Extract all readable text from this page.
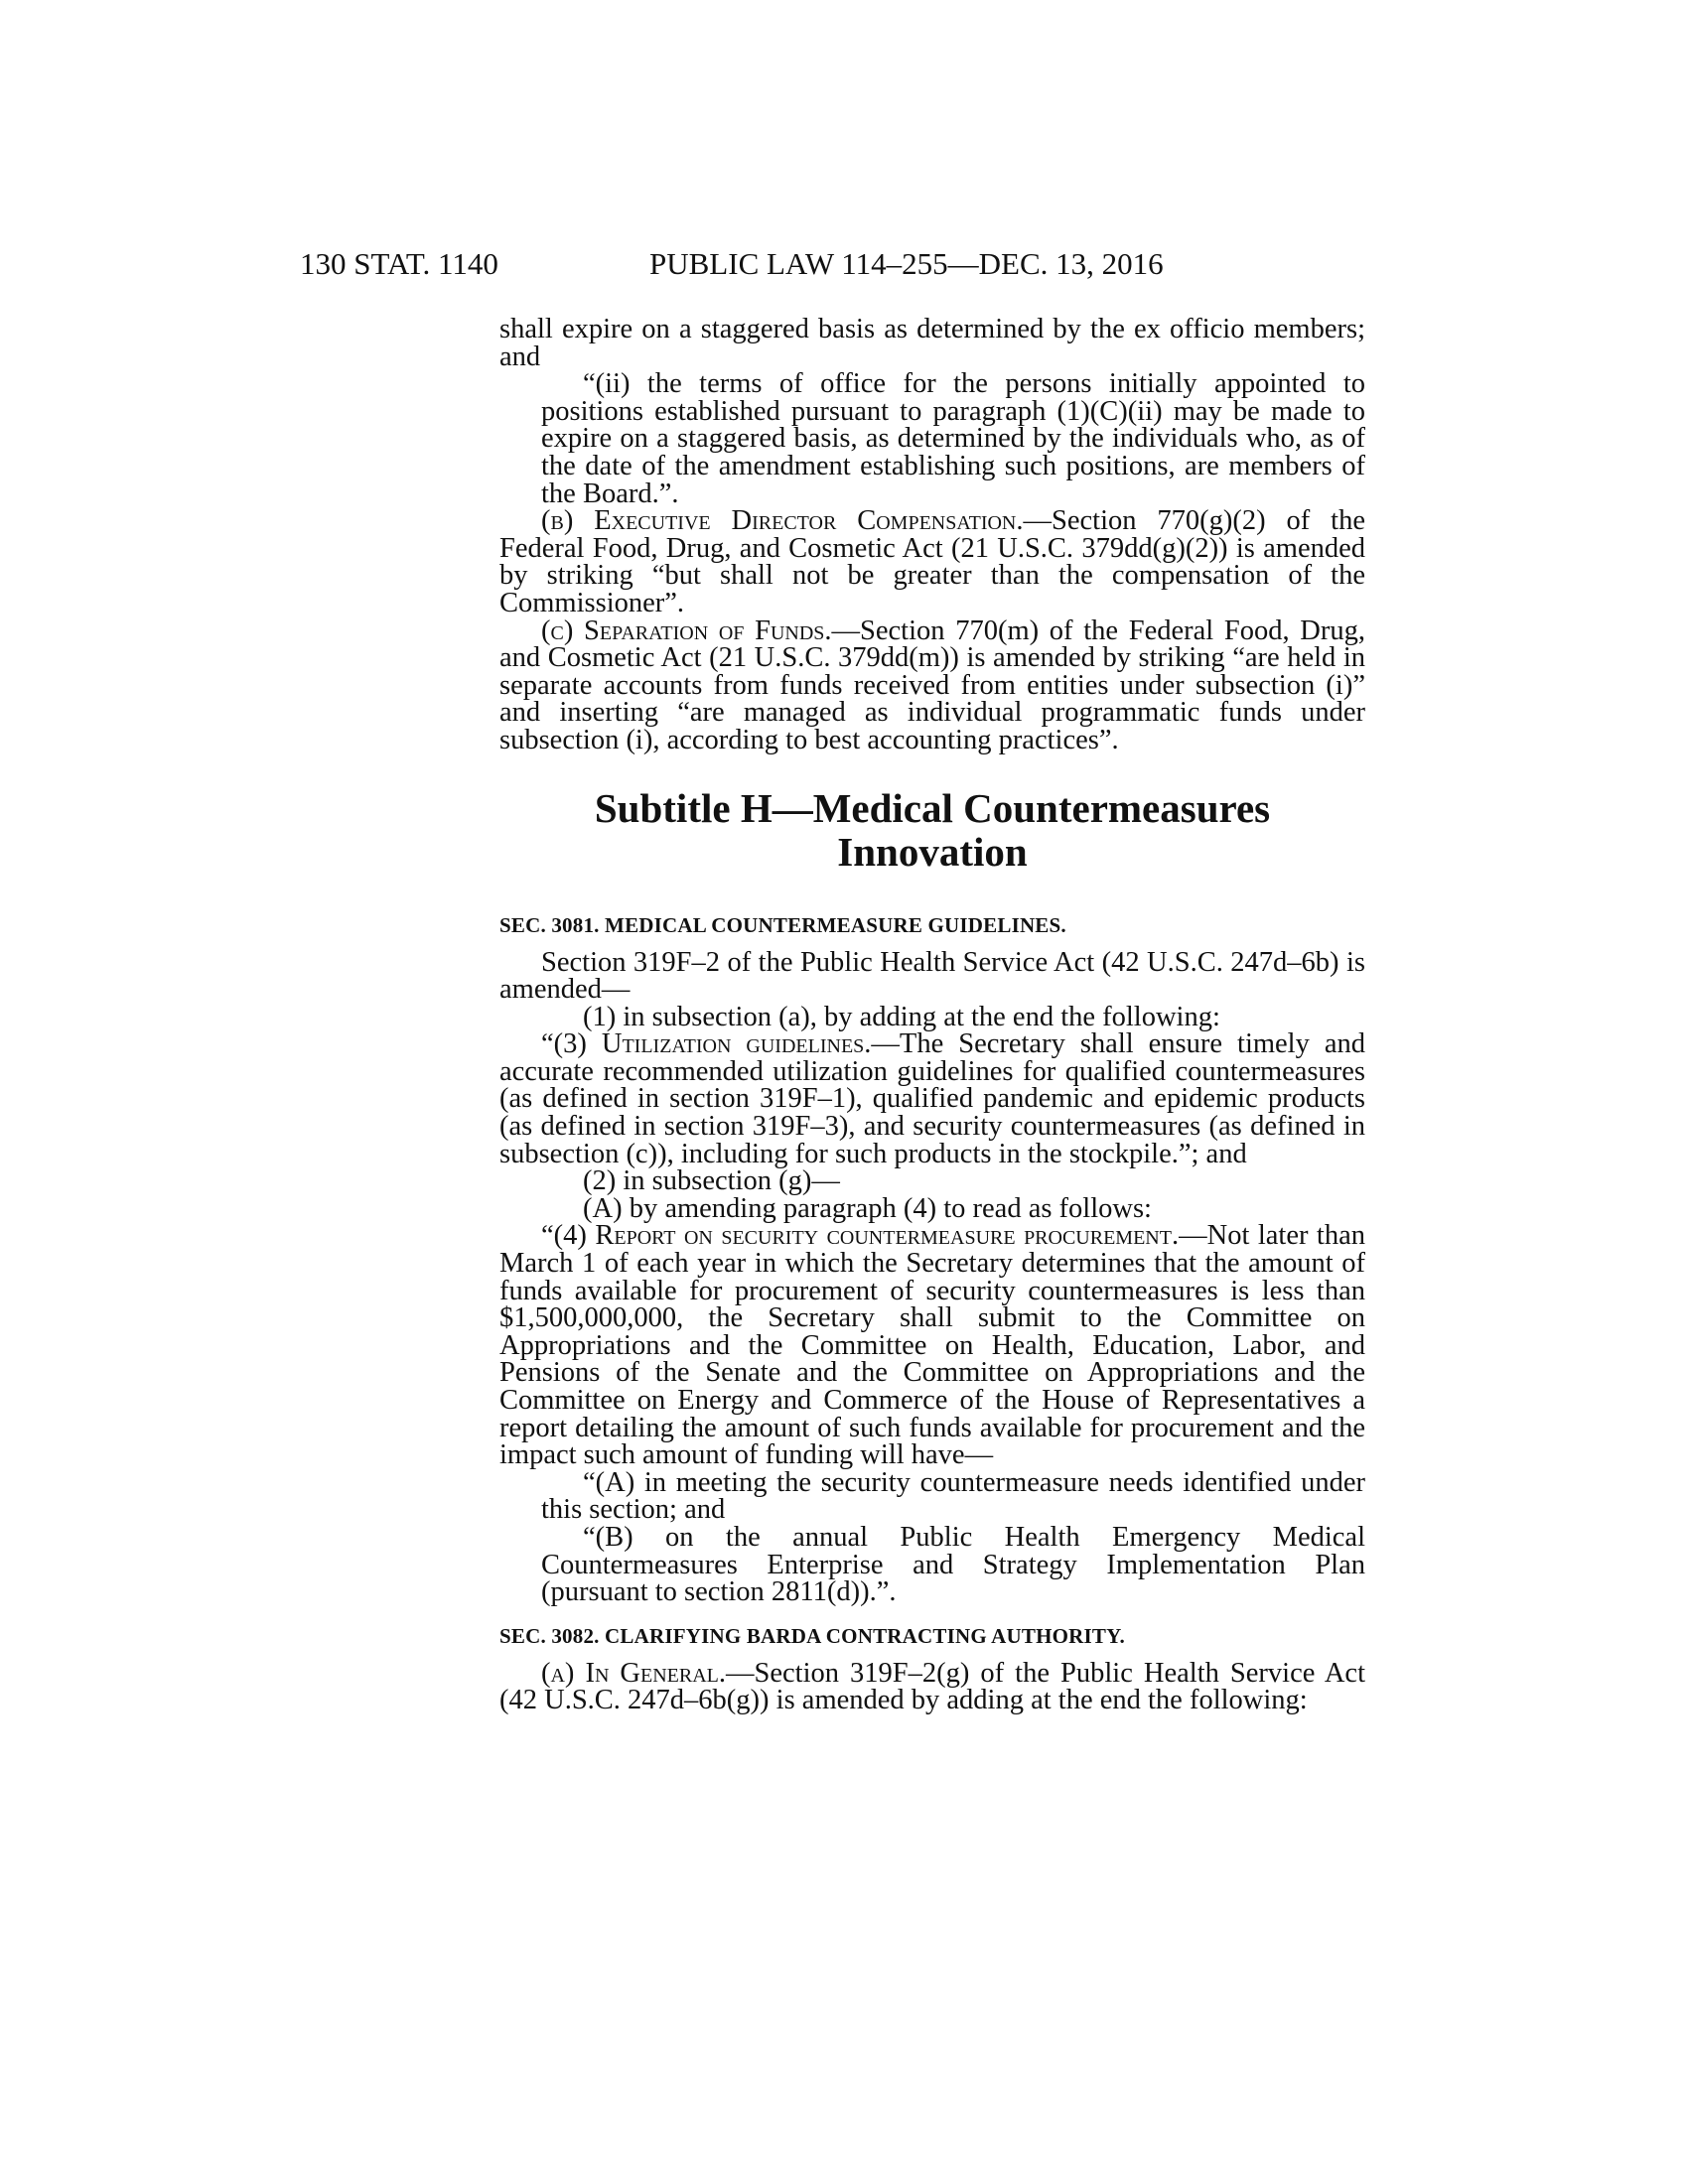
130 STAT. 1140	PUBLIC LAW 114–255—DEC. 13, 2016

shall expire on a staggered basis as determined by the ex officio members; and

“(ii) the terms of office for the persons initially appointed to positions established pursuant to paragraph (1)(C)(ii) may be made to expire on a staggered basis, as determined by the individuals who, as of the date of the amendment establishing such positions, are members of the Board.”.

(b) Executive Director Compensation.—Section 770(g)(2) of the Federal Food, Drug, and Cosmetic Act (21 U.S.C. 379dd(g)(2)) is amended by striking “but shall not be greater than the compensation of the Commissioner”.

(c) Separation of Funds.—Section 770(m) of the Federal Food, Drug, and Cosmetic Act (21 U.S.C. 379dd(m)) is amended by striking “are held in separate accounts from funds received from entities under subsection (i)” and inserting “are managed as individual programmatic funds under subsection (i), according to best accounting practices”.

Subtitle H—Medical Countermeasures Innovation

SEC. 3081. MEDICAL COUNTERMEASURE GUIDELINES.

Section 319F–2 of the Public Health Service Act (42 U.S.C. 247d–6b) is amended—

(1) in subsection (a), by adding at the end the following:

“(3) Utilization guidelines.—The Secretary shall ensure timely and accurate recommended utilization guidelines for qualified countermeasures (as defined in section 319F–1), qualified pandemic and epidemic products (as defined in section 319F–3), and security countermeasures (as defined in subsection (c)), including for such products in the stockpile.”; and

(2) in subsection (g)—

(A) by amending paragraph (4) to read as follows:

“(4) Report on security countermeasure procurement.—Not later than March 1 of each year in which the Secretary determines that the amount of funds available for procurement of security countermeasures is less than $1,500,000,000, the Secretary shall submit to the Committee on Appropriations and the Committee on Health, Education, Labor, and Pensions of the Senate and the Committee on Appropriations and the Committee on Energy and Commerce of the House of Representatives a report detailing the amount of such funds available for procurement and the impact such amount of funding will have—

“(A) in meeting the security countermeasure needs identified under this section; and

“(B) on the annual Public Health Emergency Medical Countermeasures Enterprise and Strategy Implementation Plan (pursuant to section 2811(d)).”.

SEC. 3082. CLARIFYING BARDA CONTRACTING AUTHORITY.

(a) In General.—Section 319F–2(g) of the Public Health Service Act (42 U.S.C. 247d–6b(g)) is amended by adding at the end the following:
